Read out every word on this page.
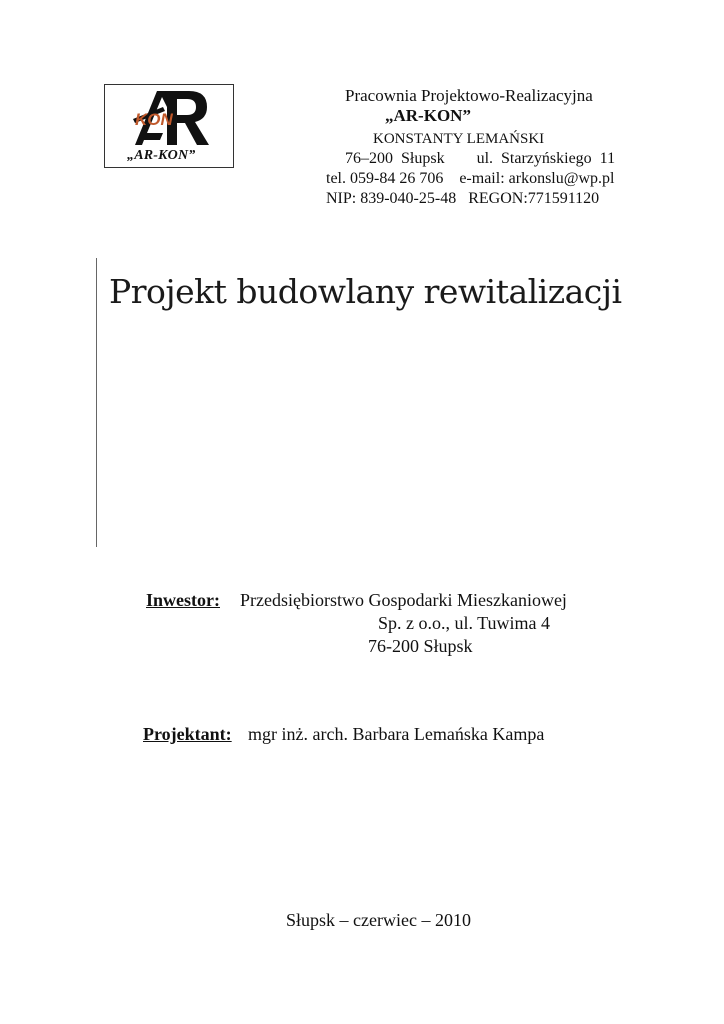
KON
„AR-KON”
Pracownia Projektowo-Realizacyjna
„AR-KON”
KONSTANTY LEMAŃSKI
76–200  Słupsk        ul.  Starzyńskiego  11
tel. 059-84 26 706    e-mail: arkonslu@wp.pl
NIP: 839-040-25-48   REGON:771591120
Projekt budowlany rewitalizacji
Inwestor: Przedsiębiorstwo Gospodarki Mieszkaniowej
Sp. z o.o., ul. Tuwima 4
76-200 Słupsk
Projektant: mgr inż. arch. Barbara Lemańska Kampa
Słupsk – czerwiec – 2010
